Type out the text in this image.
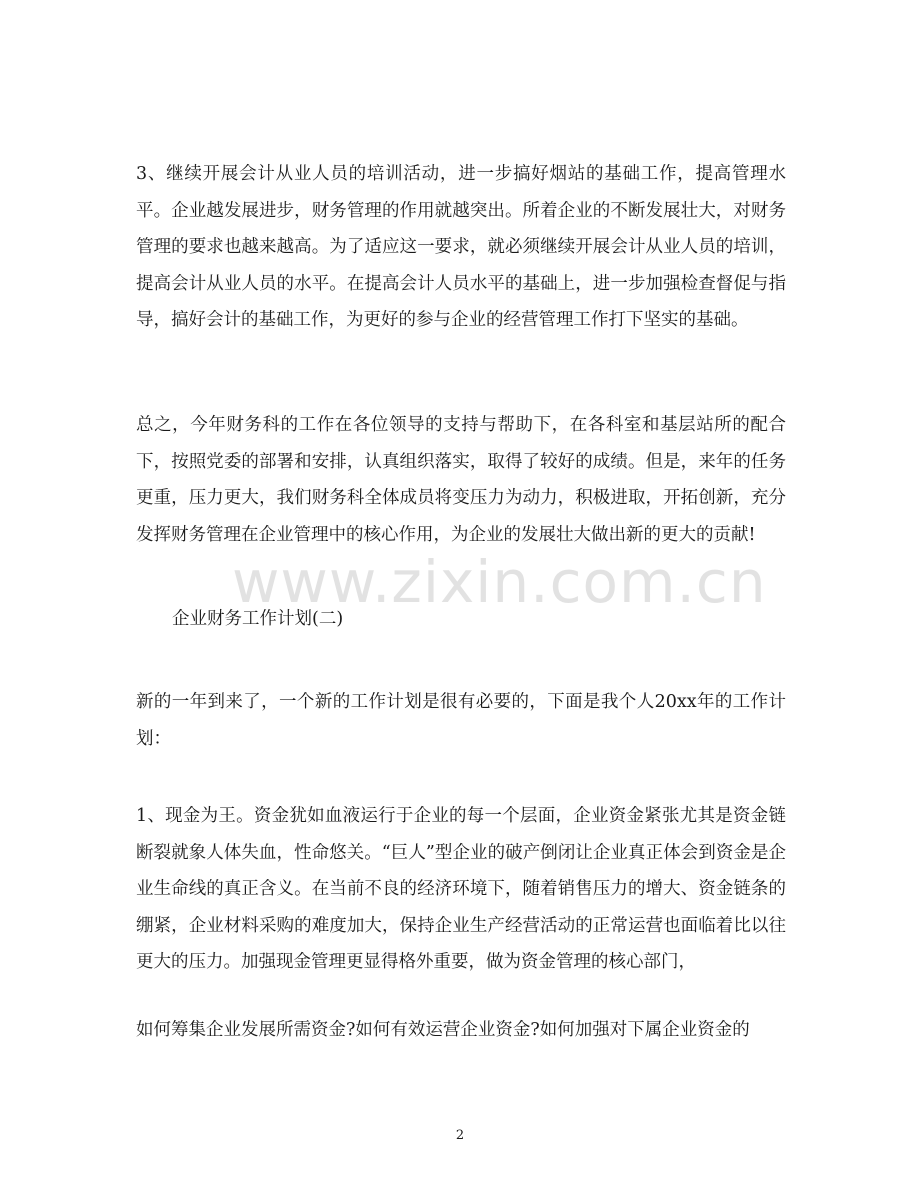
3、继续开展会计从业人员的培训活动，进一步搞好烟站的基础工作，提高管理水平。企业越发展进步，财务管理的作用就越突出。所着企业的不断发展壮大，对财务管理的要求也越来越高。为了适应这一要求，就必须继续开展会计从业人员的培训，提高会计从业人员的水平。在提高会计人员水平的基础上，进一步加强检查督促与指导，搞好会计的基础工作，为更好的参与企业的经营管理工作打下坚实的基础。

总之，今年财务科的工作在各位领导的支持与帮助下，在各科室和基层站所的配合下，按照党委的部署和安排，认真组织落实，取得了较好的成绩。但是，来年的任务更重，压力更大，我们财务科全体成员将变压力为动力，积极进取，开拓创新，充分发挥财务管理在企业管理中的核心作用，为企业的发展壮大做出新的更大的贡献!

企业财务工作计划(二)

新的一年到来了，一个新的工作计划是很有必要的，下面是我个人20xx年的工作计划：

1、现金为王。资金犹如血液运行于企业的每一个层面，企业资金紧张尤其是资金链断裂就象人体失血，性命悠关。“巨人”型企业的破产倒闭让企业真正体会到资金是企业生命线的真正含义。在当前不良的经济环境下，随着销售压力的增大、资金链条的绷紧，企业材料采购的难度加大，保持企业生产经营活动的正常运营也面临着比以往更大的压力。加强现金管理更显得格外重要，做为资金管理的核心部门，

如何筹集企业发展所需资金?如何有效运营企业资金?如何加强对下属企业资金的

www.zixin.com.cn

2
